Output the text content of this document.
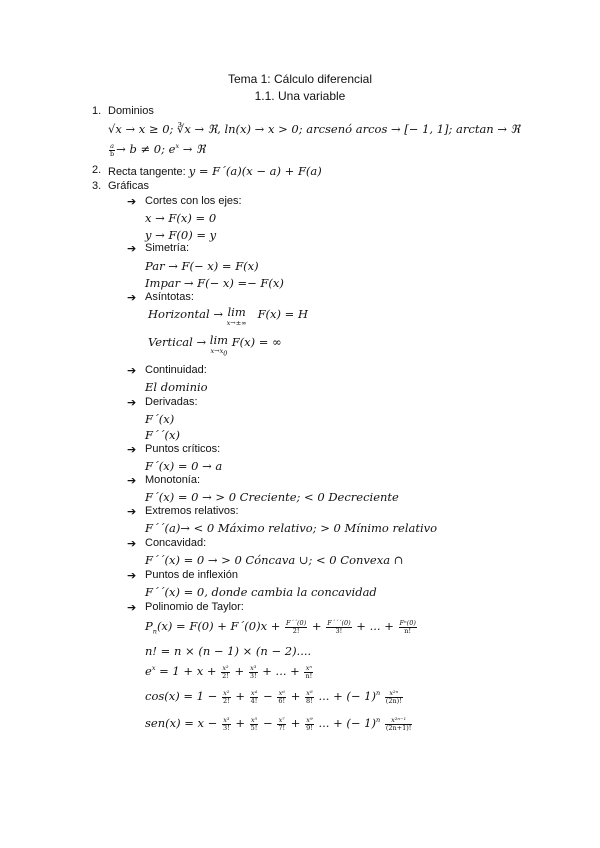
Tema 1: Cálculo diferencial
1.1. Una variable
1. Dominios
√x → x ≥ 0; ∛x → ℜ, ln(x) → x > 0; arcsenó arcos → [− 1, 1]; arctan → ℜ
$\frac{a}{b} \to b \ne 0$; $e^x$ → ℜ
2. Recta tangente: y = F´(a)(x − a) + F(a)
3. Gráficas
➔ Cortes con los ejes:
x → F(x) = 0
y → F(0) = y
➔ Simetría:
Par → F(− x) = F(x)
Impar → F(− x) =− F(x)
➔ Asíntotas:
Horizontal → lim
x→±∞
F(x) = H
Vertical → lim
$x\to x_0$
F(x) = ∞
➔ Continuidad:
El dominio
➔ Derivadas:
F´(x)
F´´(x)
➔ Puntos críticos:
F´(x) = 0 → a
➔ Monotonía:
F´(x) = 0 → > 0 Creciente; < 0 Decreciente
➔ Extremos relativos:
F´´(a)→ < 0 Máximo relativo; > 0 Mínimo relativo
➔ Concavidad:
F´´(x) = 0 → > 0 Cóncava ∪; < 0 Convexa ∩
➔ Puntos de inflexión
F´´(x) = 0, donde cambia la concavidad
➔ Polinomio de Taylor:
$P_n(x) = F(0)$ + F´(0)x + $\frac{F´´(0)}{2!} + \frac{F´´´(0)}{3!}$ + ... + $\frac{\text{Fⁿ(0)}}{n!}$
n! = n × (n − 1) × (n − 2)....
$e^x = 1 + x + \frac{\text{x²}}{2!} + \frac{\text{x³}}{3!}$ + ... + $\frac{\text{xⁿ}}{n!}$
$\cos(x) = 1 - \frac{\text{x²}}{2!} + \frac{\text{x⁴}}{4!} - \frac{\text{x⁶}}{6!} + \frac{\text{x⁸}}{8!}$ ... + (− $1)^n \frac{\text{x²ⁿ}}{(2n)!}$
$sen(x) = x - \frac{\text{x³}}{3!} + \frac{\text{x⁵}}{5!} - \frac{\text{x⁷}}{7!} + \frac{\text{x⁹}}{9!}$ ... + (− $1)^n \frac{\text{x²ⁿ⁻¹}}{(2n+1)!}$
